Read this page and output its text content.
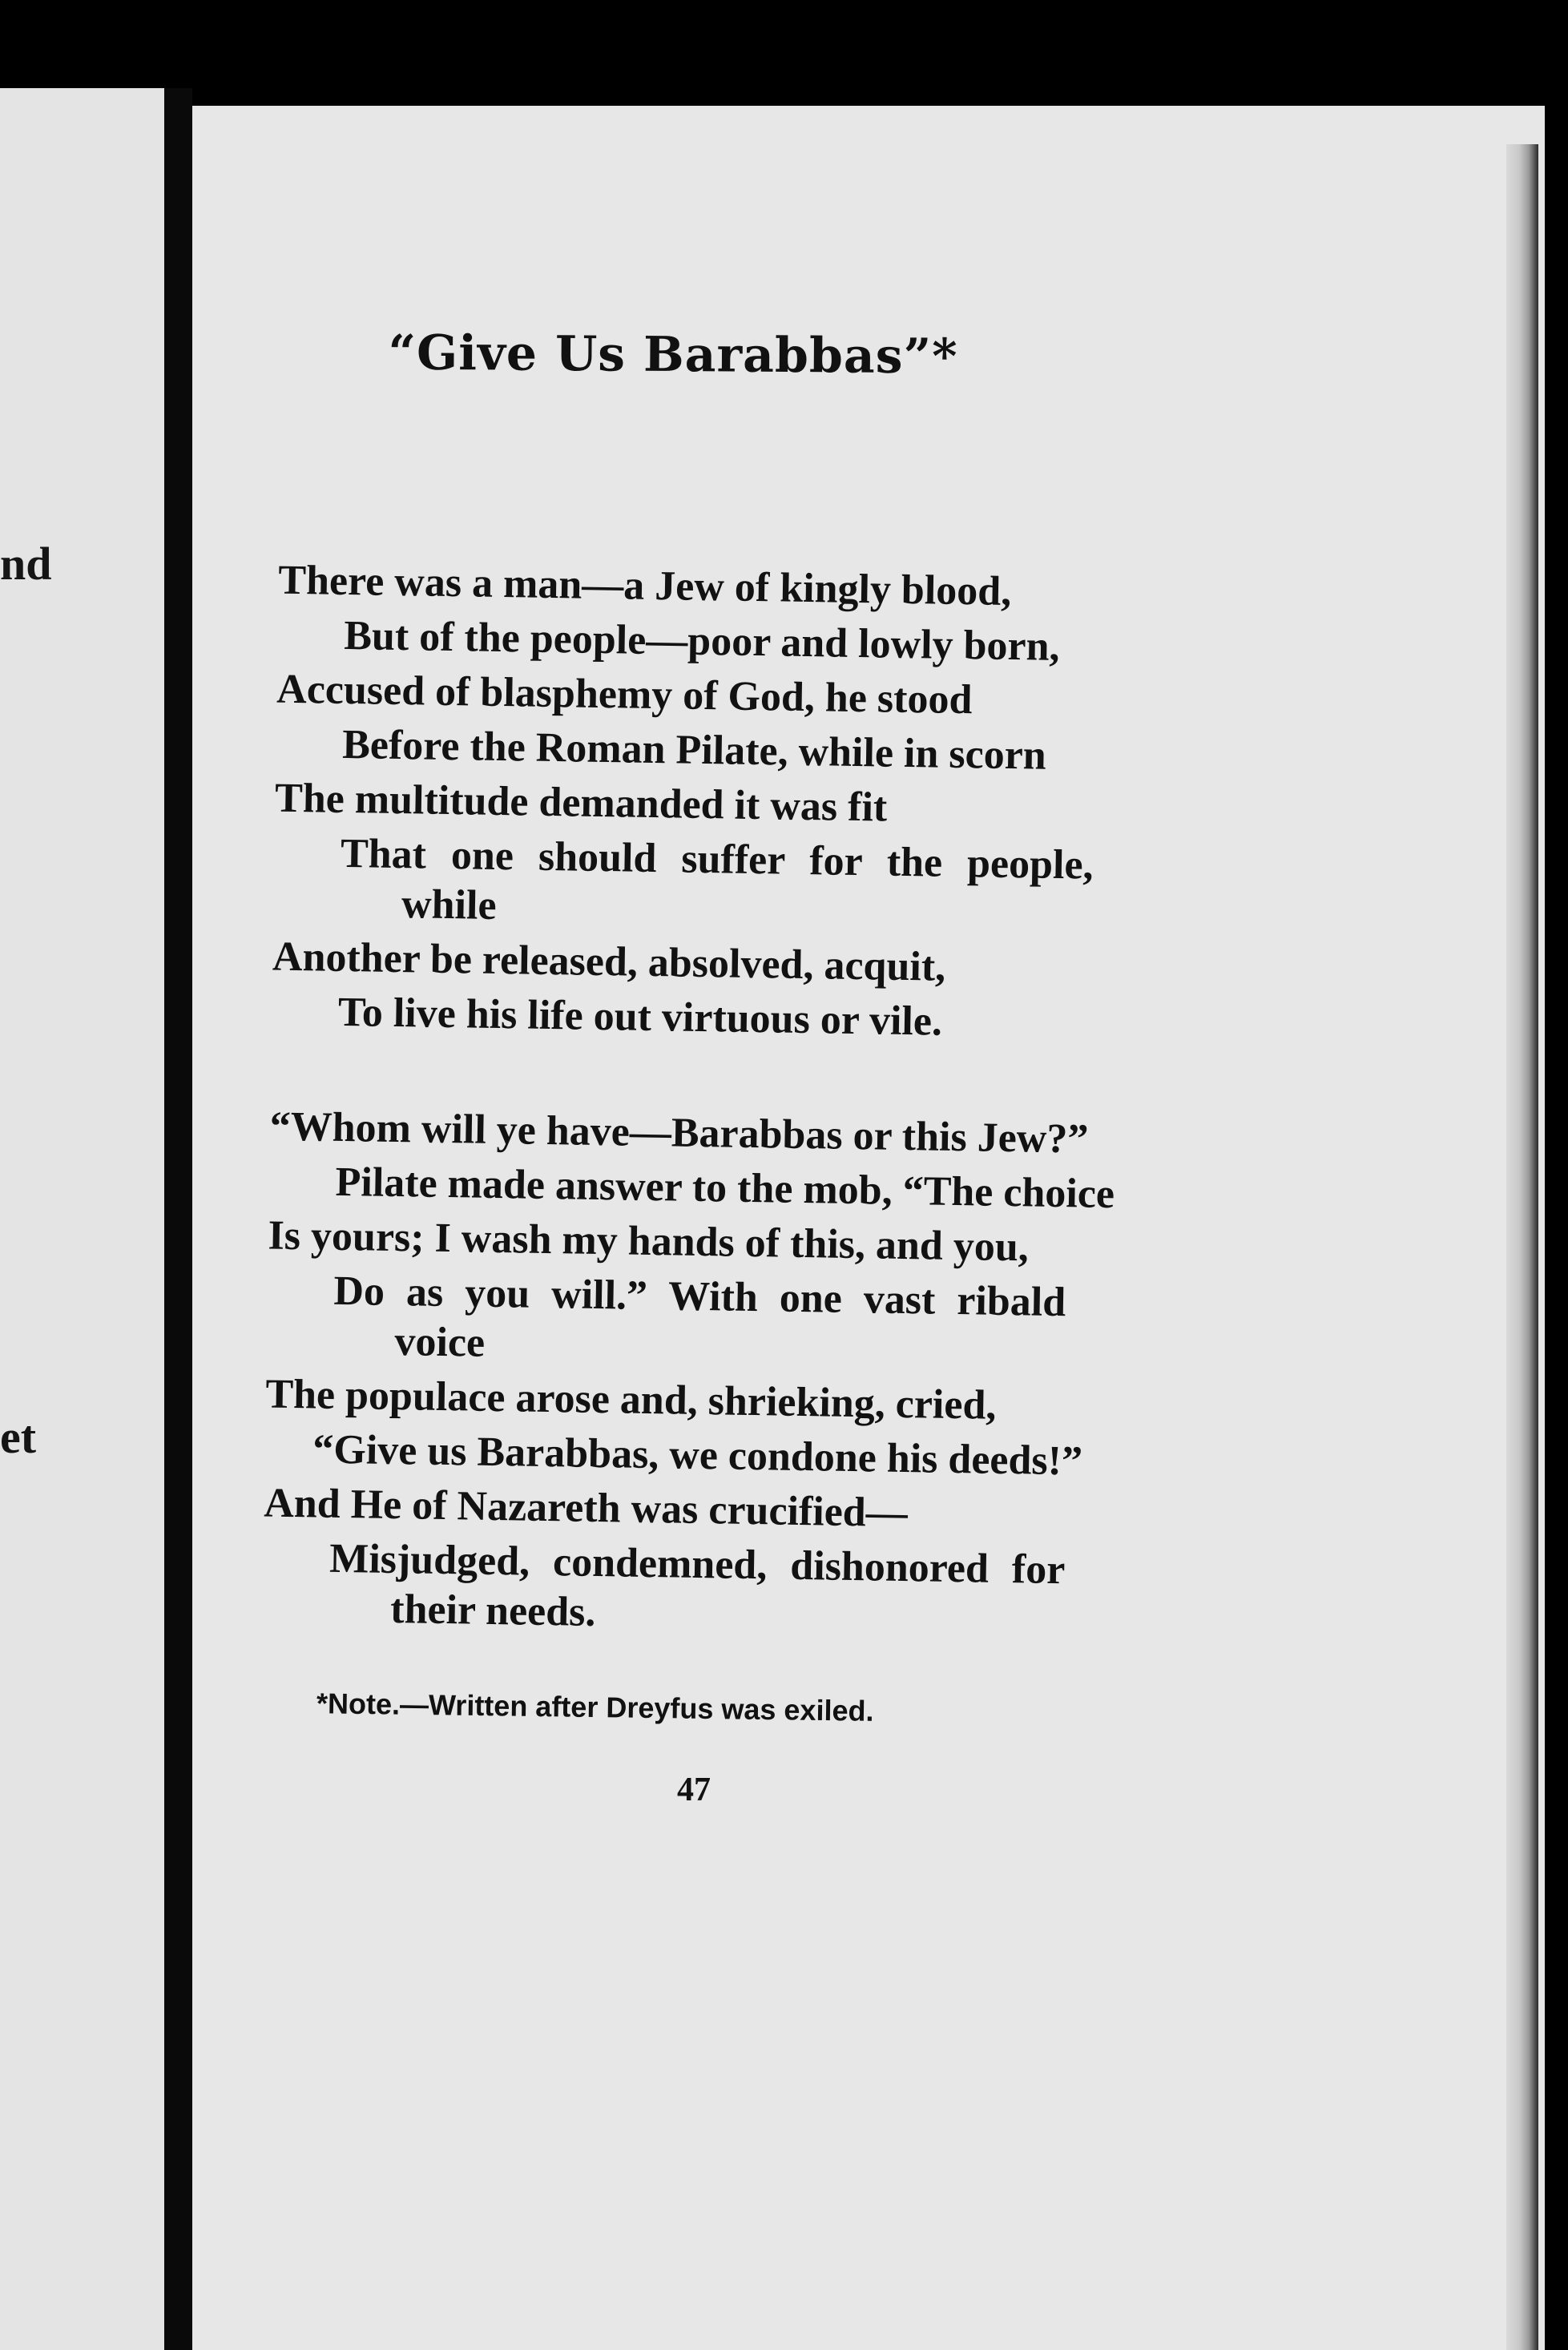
nd
et
“Give Us Barabbas”*
There was a man—a Jew of kingly blood,
But of the people—poor and lowly born,
Accused of blasphemy of God, he stood
Before the Roman Pilate, while in scorn
The multitude demanded it was fit
That one should suffer for the people,
while
Another be released, absolved, acquit,
To live his life out virtuous or vile.
“Whom will ye have—Barabbas or this Jew?”
Pilate made answer to the mob, “The choice
Is yours; I wash my hands of this, and you,
Do as you will.” With one vast ribald
voice
The populace arose and, shrieking, cried,
“Give us Barabbas, we condone his deeds!”
And He of Nazareth was crucified—
Misjudged, condemned, dishonored for
their needs.
*Note.—Written after Dreyfus was exiled.
47
